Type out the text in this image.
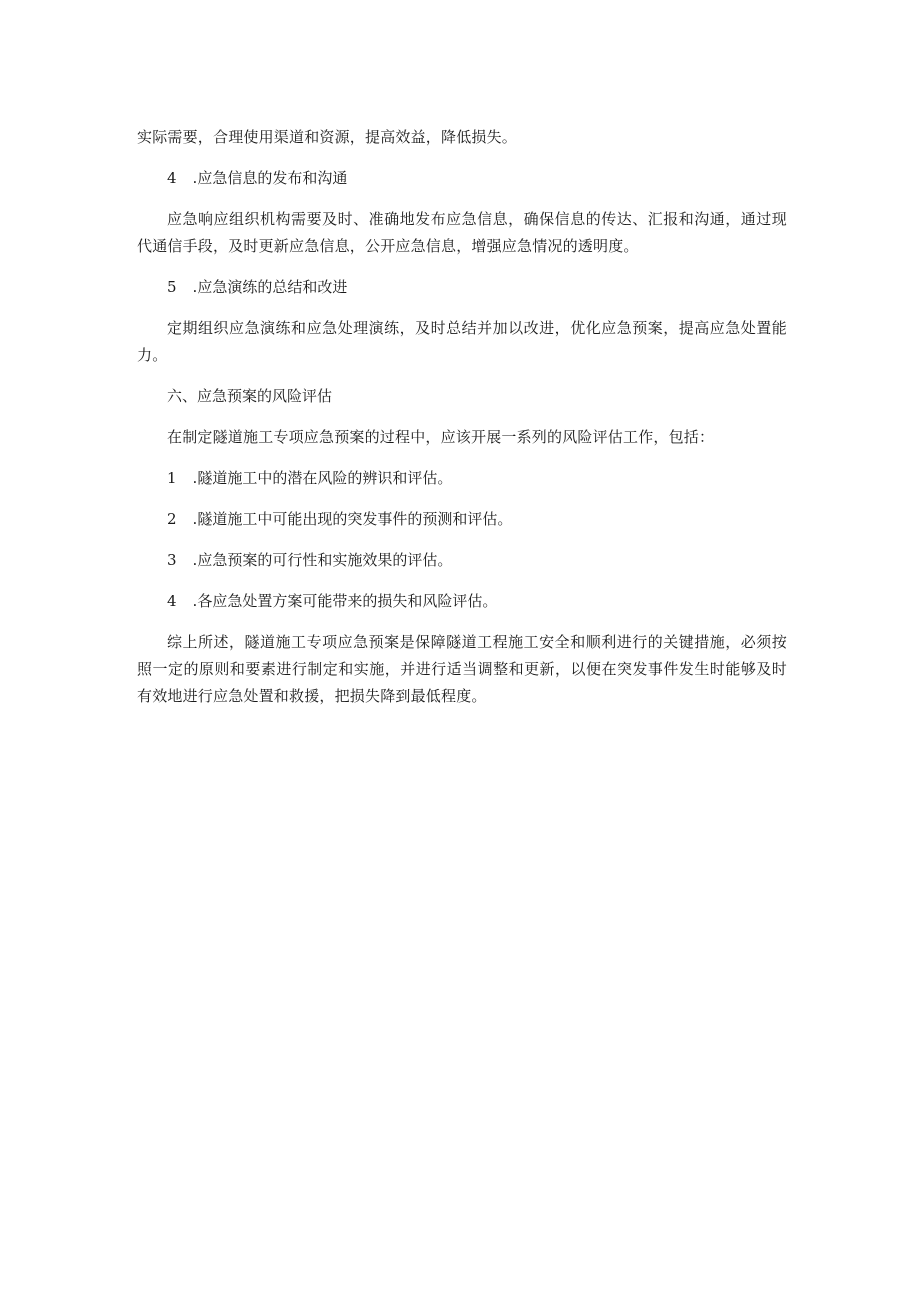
实际需要，合理使用渠道和资源，提高效益，降低损失。

4 .应急信息的发布和沟通

应急响应组织机构需要及时、准确地发布应急信息，确保信息的传达、汇报和沟通，通过现代通信手段，及时更新应急信息，公开应急信息，增强应急情况的透明度。

5 .应急演练的总结和改进

定期组织应急演练和应急处理演练，及时总结并加以改进，优化应急预案，提高应急处置能力。

六、应急预案的风险评估

在制定隧道施工专项应急预案的过程中，应该开展一系列的风险评估工作，包括：

1 .隧道施工中的潜在风险的辨识和评估。
2 .隧道施工中可能出现的突发事件的预测和评估。
3 .应急预案的可行性和实施效果的评估。
4 .各应急处置方案可能带来的损失和风险评估。

综上所述，隧道施工专项应急预案是保障隧道工程施工安全和顺利进行的关键措施，必须按照一定的原则和要素进行制定和实施，并进行适当调整和更新，以便在突发事件发生时能够及时有效地进行应急处置和救援，把损失降到最低程度。
